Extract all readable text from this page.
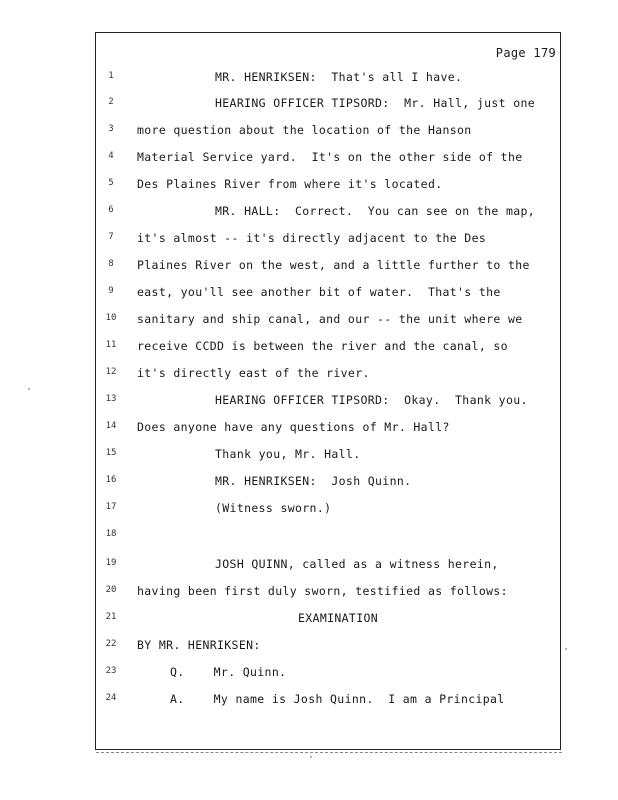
Page 179
1
2
3
4
5
6
7
8
9
10
11
12
13
14
15
16
17
18
19
20
21
22
23
24
MR. HENRIKSEN:  That's all I have.
HEARING OFFICER TIPSORD:  Mr. Hall, just one
more question about the location of the Hanson
Material Service yard.  It's on the other side of the
Des Plaines River from where it's located.
MR. HALL:  Correct.  You can see on the map,
it's almost -- it's directly adjacent to the Des
Plaines River on the west, and a little further to the
east, you'll see another bit of water.  That's the
sanitary and ship canal, and our -- the unit where we
receive CCDD is between the river and the canal, so
it's directly east of the river.
HEARING OFFICER TIPSORD:  Okay.  Thank you.
Does anyone have any questions of Mr. Hall?
Thank you, Mr. Hall.
MR. HENRIKSEN:  Josh Quinn.
(Witness sworn.)
JOSH QUINN, called as a witness herein,
having been first duly sworn, testified as follows:
EXAMINATION
BY MR. HENRIKSEN:
Q.    Mr. Quinn.
A.    My name is Josh Quinn.  I am a Principal
